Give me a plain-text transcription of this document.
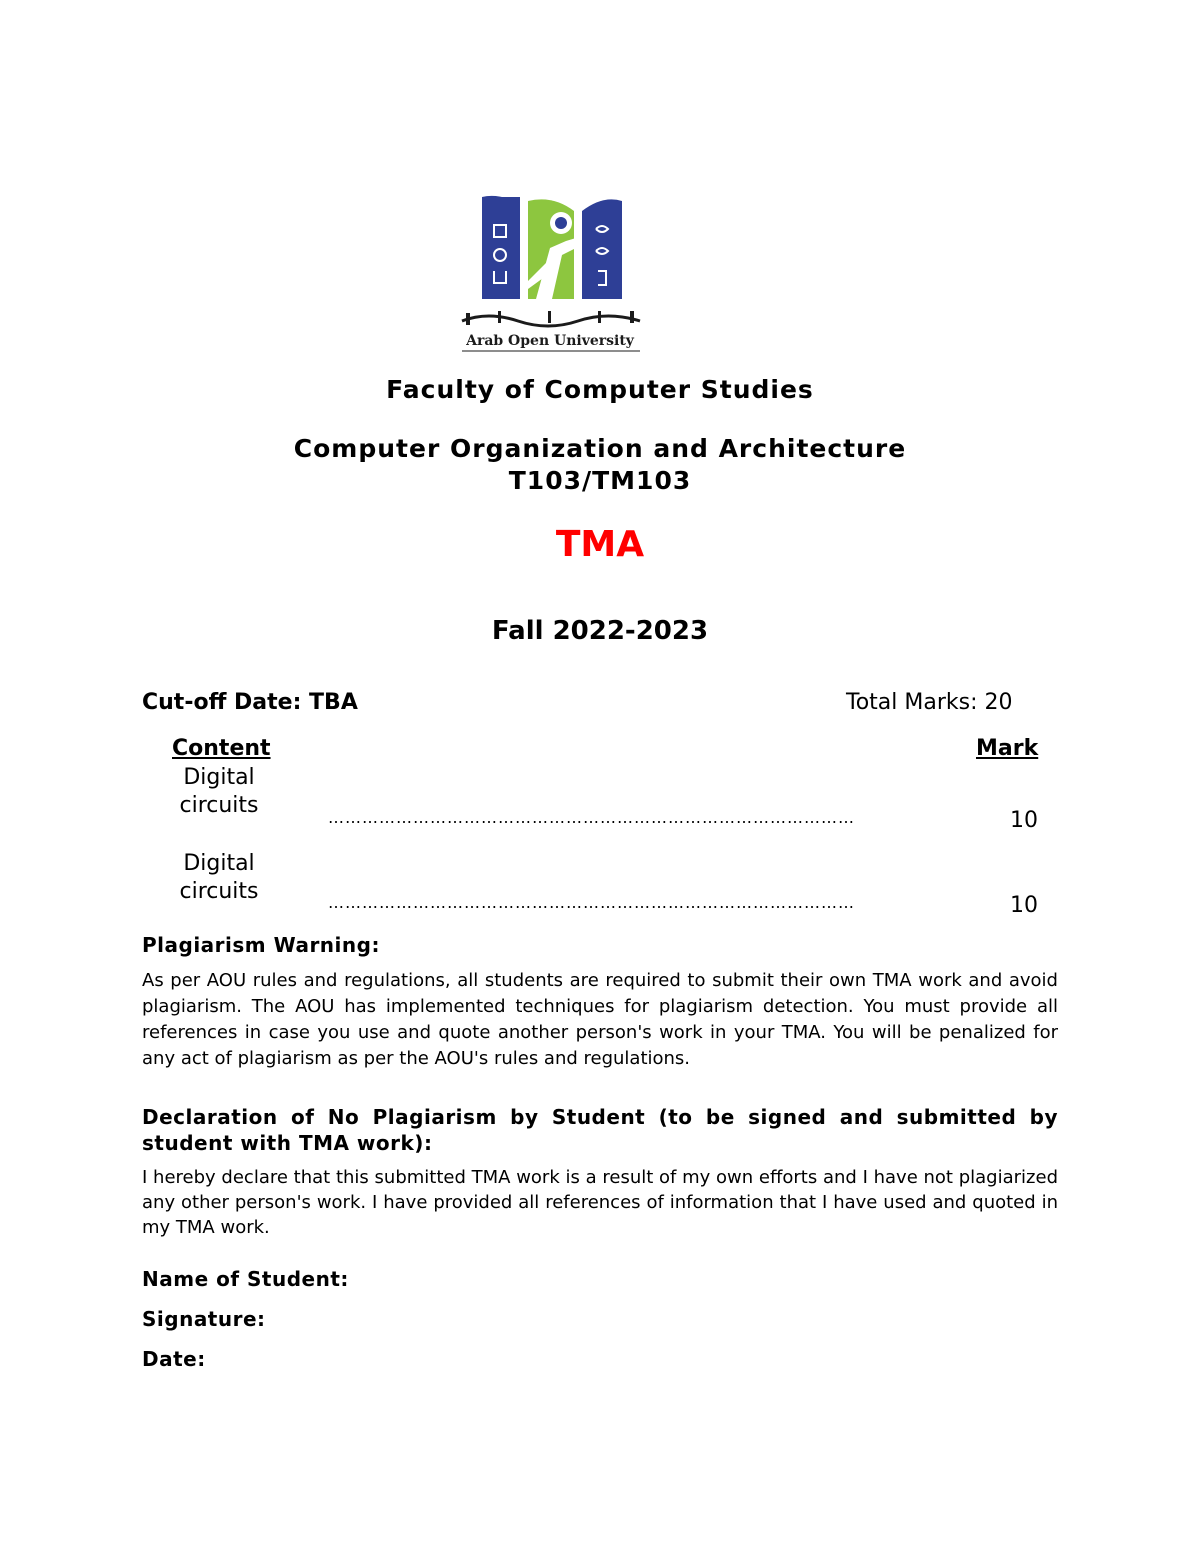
Arab Open University
Faculty of Computer Studies
Computer Organization and Architecture
T103/TM103
TMA
Fall 2022-2023
Cut-off Date: TBA	Total Marks: 20
Content	Mark
Digital
circuits	…………………………………………………………………………………	10
Digital
circuits	…………………………………………………………………………………	10
Plagiarism Warning:
As per AOU rules and regulations, all students are required to submit their own TMA work and avoid plagiarism. The AOU has implemented techniques for plagiarism detection. You must provide all references in case you use and quote another person's work in your TMA. You will be penalized for any act of plagiarism as per the AOU's rules and regulations.
Declaration of No Plagiarism by Student (to be signed and submitted by student with TMA work):
I hereby declare that this submitted TMA work is a result of my own efforts and I have not plagiarized any other person's work. I have provided all references of information that I have used and quoted in my TMA work.
Name of Student:
Signature:
Date:
